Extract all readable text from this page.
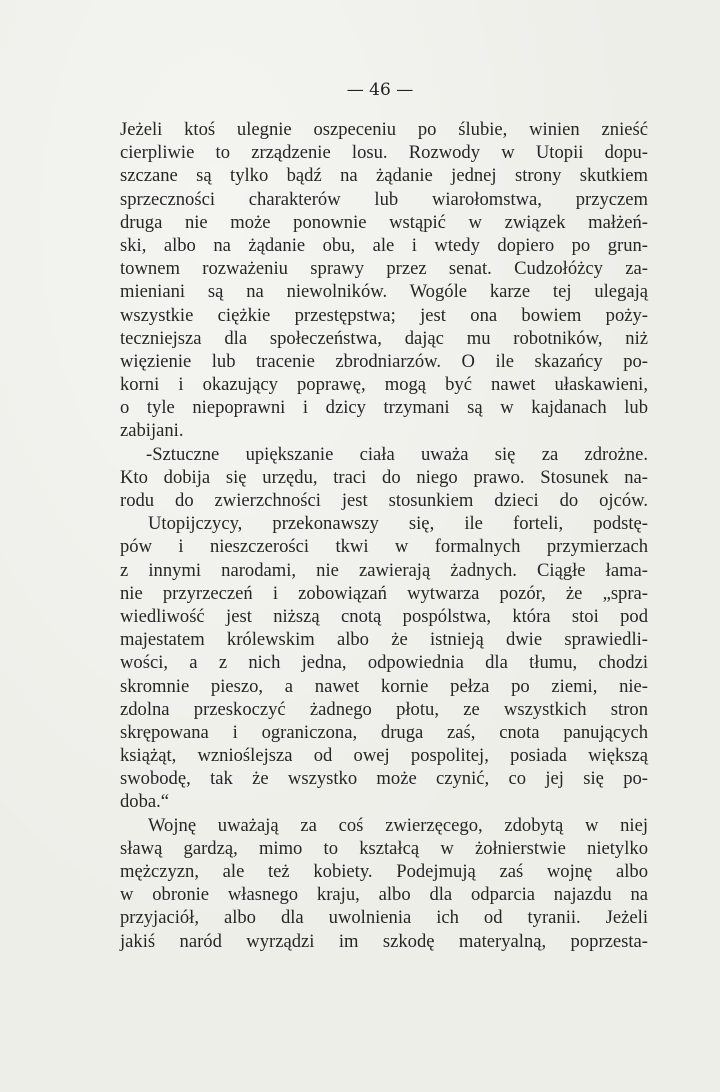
— 46 —
Jeżeli ktoś ulegnie oszpeceniu po ślubie, winien znieść
cierpliwie to zrządzenie losu. Rozwody w Utopii dopu-
szczane są tylko bądź na żądanie jednej strony skutkiem
sprzeczności charakterów lub wiarołomstwa, przyczem
druga nie może ponownie wstąpić w związek małżeń-
ski, albo na żądanie obu, ale i wtedy dopiero po grun-
townem rozważeniu sprawy przez senat. Cudzołóżcy za-
mieniani są na niewolników. Wogóle karze tej ulegają
wszystkie ciężkie przestępstwa; jest ona bowiem poży-
teczniejsza dla społeczeństwa, dając mu robotników, niż
więzienie lub tracenie zbrodniarzów. O ile skazańcy po-
korni i okazujący poprawę, mogą być nawet ułaskawieni,
o tyle niepoprawni i dzicy trzymani są w kajdanach lub
zabijani.
-Sztuczne upiększanie ciała uważa się za zdrożne.
Kto dobija się urzędu, traci do niego prawo. Stosunek na-
rodu do zwierzchności jest stosunkiem dzieci do ojców.
Utopijczycy, przekonawszy się, ile forteli, podstę-
pów i nieszczerości tkwi w formalnych przymierzach
z innymi narodami, nie zawierają żadnych. Ciągłe łama-
nie przyrzeczeń i zobowiązań wytwarza pozór, że „spra-
wiedliwość jest niższą cnotą pospólstwa, która stoi pod
majestatem królewskim albo że istnieją dwie sprawiedli-
wości, a z nich jedna, odpowiednia dla tłumu, chodzi
skromnie pieszo, a nawet kornie pełza po ziemi, nie-
zdolna przeskoczyć żadnego płotu, ze wszystkich stron
skrępowana i ograniczona, druga zaś, cnota panujących
książąt, wznioślejsza od owej pospolitej, posiada większą
swobodę, tak że wszystko może czynić, co jej się po-
doba.“
Wojnę uważają za coś zwierzęcego, zdobytą w niej
sławą gardzą, mimo to kształcą w żołnierstwie nietylko
mężczyzn, ale też kobiety. Podejmują zaś wojnę albo
w obronie własnego kraju, albo dla odparcia najazdu na
przyjaciół, albo dla uwolnienia ich od tyranii. Jeżeli
jakiś naród wyrządzi im szkodę materyalną, poprzesta-
